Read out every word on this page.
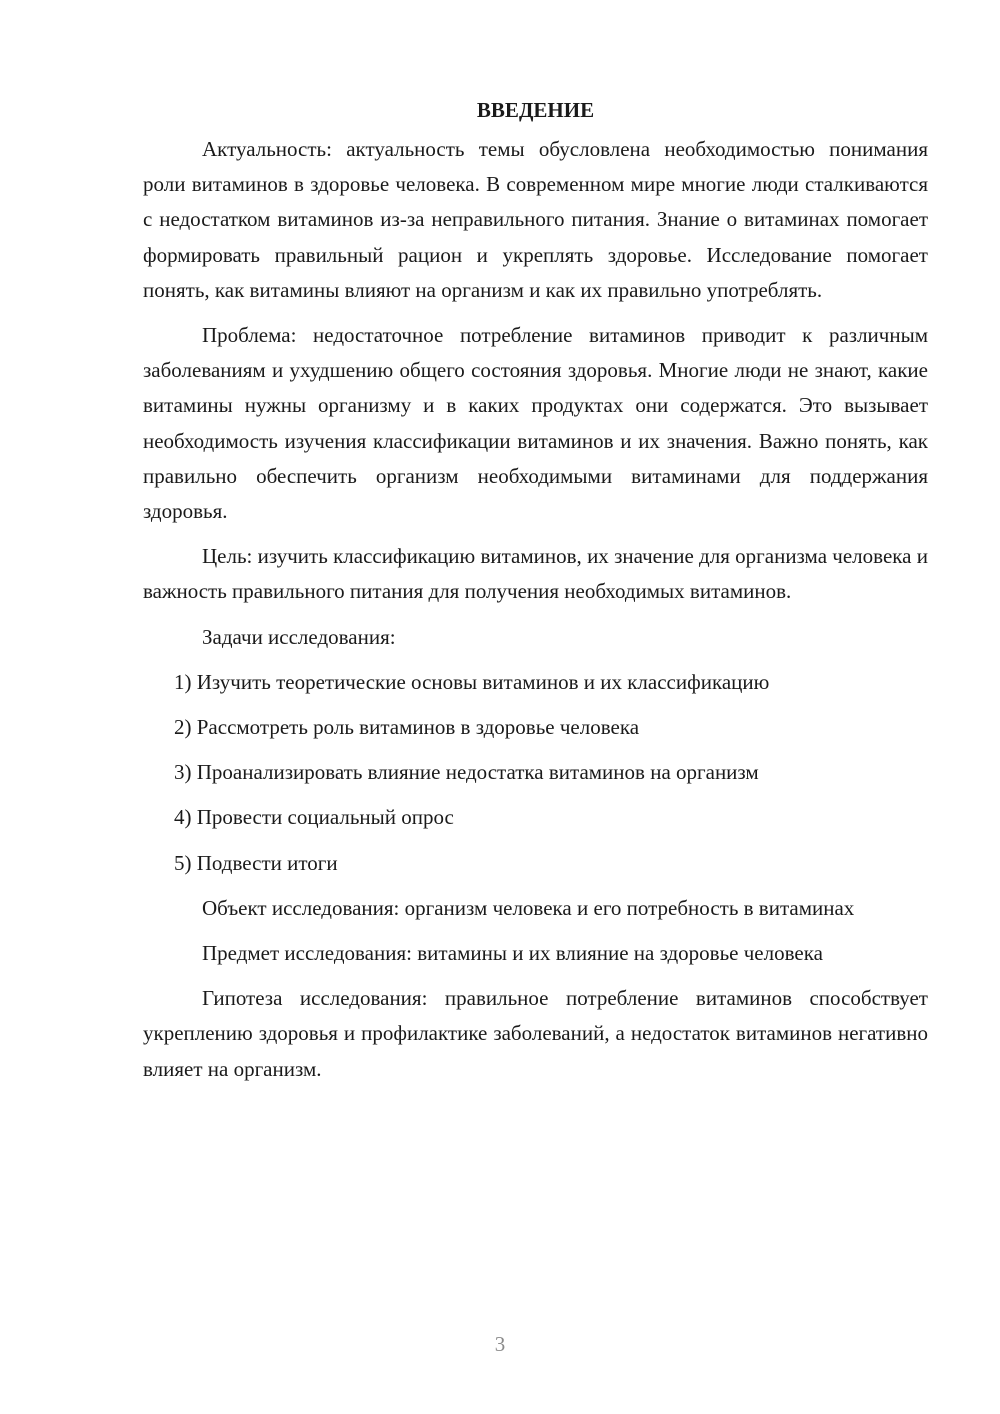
ВВЕДЕНИЕ

Актуальность: актуальность темы обусловлена необходимостью понимания роли витаминов в здоровье человека. В современном мире многие люди сталкиваются с недостатком витаминов из-за неправильного питания. Знание о витаминах помогает формировать правильный рацион и укреплять здоровье. Исследование помогает понять, как витамины влияют на организм и как их правильно употреблять.

Проблема: недостаточное потребление витаминов приводит к различным заболеваниям и ухудшению общего состояния здоровья. Многие люди не знают, какие витамины нужны организму и в каких продуктах они содержатся. Это вызывает необходимость изучения классификации витаминов и их значения. Важно понять, как правильно обеспечить организм необходимыми витаминами для поддержания здоровья.

Цель: изучить классификацию витаминов, их значение для организма человека и важность правильного питания для получения необходимых витаминов.

Задачи исследования:

1) Изучить теоретические основы витаминов и их классификацию

2) Рассмотреть роль витаминов в здоровье человека

3) Проанализировать влияние недостатка витаминов на организм

4) Провести социальный опрос

5) Подвести итоги

Объект исследования: организм человека и его потребность в витаминах

Предмет исследования: витамины и их влияние на здоровье человека

Гипотеза исследования: правильное потребление витаминов способствует укреплению здоровья и профилактике заболеваний, а недостаток витаминов негативно влияет на организм.

3
